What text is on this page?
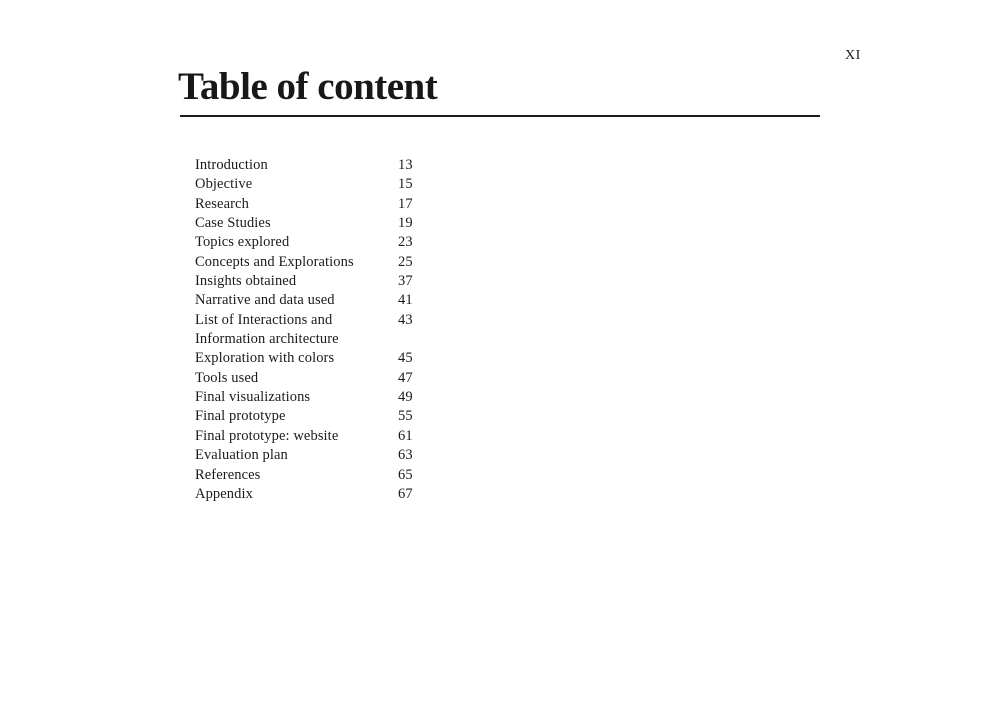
XI
Table of content
Introduction	13
Objective	15
Research	17
Case Studies	19
Topics explored	23
Concepts and Explorations	25
Insights obtained	37
Narrative and data used	41
List of Interactions and	43
Information architecture
Exploration with colors	45
Tools used	47
Final visualizations	49
Final prototype	55
Final prototype: website	61
Evaluation plan	63
References	65
Appendix	67
